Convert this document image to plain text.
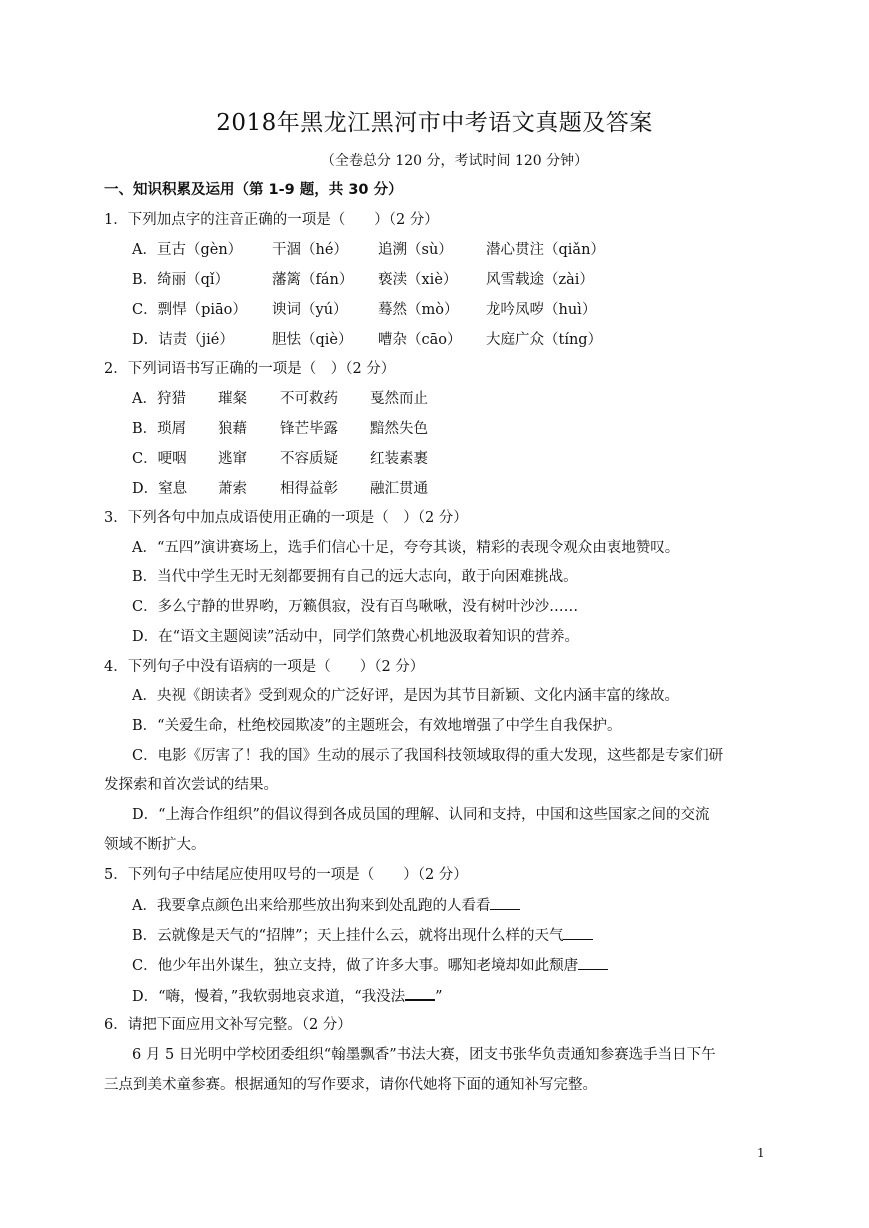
2018年黑龙江黑河市中考语文真题及答案
（全卷总分 120 分，考试时间 120 分钟）
一、知识积累及运用（第 1-9 题，共 30 分）
1．下列加点字的注音正确的一项是（　　）（2 分）
A．亘古（gèn） 干涸（hé） 追溯（sù） 潜心贯注（qiǎn）
B．绮丽（qǐ）	藩篱（fán） 亵渎（xiè） 风雪载途（zài）
C．剽悍（piāo） 谀词（yú） 蓦然（mò） 龙吟凤哕（huì）
D．诘责（jié）	胆怯（qiè） 嘈杂（cāo） 大庭广众（tíng）
2．下列词语书写正确的一项是（　）（2 分）
A．狩猎 璀粲 不可救药 戛然而止
B．琐屑 狼藉 锋芒毕露 黯然失色
C．哽咽 逃窜 不容质疑 红装素裹
D．窒息 萧索 相得益彰 融汇贯通
3．下列各句中加点成语使用正确的一项是（　）（2 分）
A．“五四”演讲赛场上，选手们信心十足，夸夸其谈，精彩的表现令观众由衷地赞叹。
B．当代中学生无时无刻都要拥有自己的远大志向，敢于向困难挑战。
C．多么宁静的世界哟，万籁俱寂，没有百鸟啾啾，没有树叶沙沙……
D．在“语文主题阅读”活动中，同学们煞费心机地汲取着知识的营养。
4．下列句子中没有语病的一项是（　　）（2 分）
A．央视《朗读者》受到观众的广泛好评，是因为其节目新颖、文化内涵丰富的缘故。
B．“关爱生命，杜绝校园欺凌”的主题班会，有效地增强了中学生自我保护。
C．电影《厉害了！我的国》生动的展示了我国科技领域取得的重大发现，这些都是专家们研
发探索和首次尝试的结果。
D．“上海合作组织”的倡议得到各成员国的理解、认同和支持，中国和这些国家之间的交流
领域不断扩大。
5．下列句子中结尾应使用叹号的一项是（　　）（2 分）
A．我要拿点颜色出来给那些放出狗来到处乱跑的人看看
B．云就像是天气的“招牌”；天上挂什么云，就将出现什么样的天气
C．他少年出外谋生，独立支持，做了许多大事。哪知老境却如此颓唐
D．“嗨，慢着，”我软弱地哀求道，“我没法 ”
6．请把下面应用文补写完整。（2 分）
6 月 5 日光明中学校团委组织“翰墨飘香”书法大赛，团支书张华负责通知参赛选手当日下午
三点到美术童参赛。根据通知的写作要求，请你代她将下面的通知补写完整。
1
